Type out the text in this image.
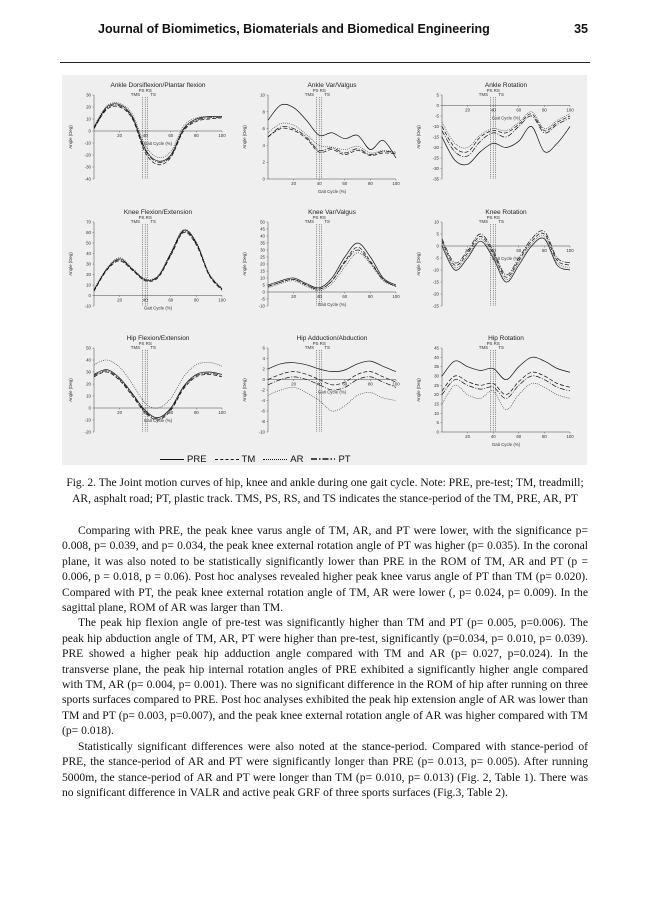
Journal of Biomimetics, Biomaterials and Biomedical Engineering	35
Ankle Dorsiflexion/Plantar flexion
30
20
10
0
-10
-20
-30
-40
20	40	60	80	100
TMS
PS RS
TS
Angle (Deg)	Gait Cycle (%)
Ankle Var/Valgus
10
8
6
4
2
0
20	40	60	80	100
TMS
PS RS
TS
Angle (Deg)
Gait Cycle (%)
Ankle Rotation
5
0
-5
-10
-15
-20
-25
-30
-35
20	40	60	80	100
TMS
PS RS
TS
Angle (Deg)
Gait Cycle (%)
Knee Flexion/Extension
70
60
50
40
30
20
10
0
-10
20	40	60	80	100
TMS
PS RS
TS
Angle (Deg)
Gait Cycle (%)
Knee Var/Valgus
50
45
40
35
30
25
20
15
10
5
0
-5
-10
20	40	60	80	100
TMS
PS RS
TS
Angle (Deg)
Gait Cycle (%)
Knee Rotation
10
5
0
-5
-10
-15
-20
-25
20	40	60	80	100
TMS
PS RS
TS
Angle (Deg)	Gait Cycle (%)
Hip Flexion/Extension
50
40
30
20
10
0
-10
-20
20	40	60	80	100
TMS
PS RS
TS
Angle (Deg)
Gait Cycle (%)
Hip Adduction/Abduction
6
4
2
0
-2
-4
-6
-8
-10
20	40	60	80	100
TMS
PS RS
TS
Angle (Deg)	Gait Cycle (%)
Hip Rotation
45
40
35
30
25
20
15
10
5
0
20	40	60	80	100
TMS
PS RS
TS
Angle (Deg)
Gait Cycle (%)
PRE	TM	AR	PT
Fig. 2. The Joint motion curves of hip, knee and ankle during one gait cycle. Note: PRE, pre-test; TM, treadmill; AR, asphalt road; PT, plastic track. TMS, PS, RS, and TS indicates the stance-period of the TM, PRE, AR, PT

Comparing with PRE, the peak knee varus angle of TM, AR, and PT were lower, with the significance p= 0.008, p= 0.039, and p= 0.034, the peak knee external rotation angle of PT was higher (p= 0.035). In the coronal plane, it was also noted to be statistically significantly lower than PRE in the ROM of TM, AR and PT (p = 0.006, p = 0.018, p = 0.06). Post hoc analyses revealed higher peak knee varus angle of PT than TM (p= 0.020). Compared with PT, the peak knee external rotation angle of TM, AR were lower (, p= 0.024, p= 0.009). In the sagittal plane, ROM of AR was larger than TM.

The peak hip flexion angle of pre-test was significantly higher than TM and PT (p= 0.005, p=0.006). The peak hip abduction angle of TM, AR, PT were higher than pre-test, significantly (p=0.034, p= 0.010, p= 0.039). PRE showed a higher peak hip adduction angle compared with TM and AR (p= 0.027, p=0.024). In the transverse plane, the peak hip internal rotation angles of PRE exhibited a significantly higher angle compared with TM, AR (p= 0.004, p= 0.001). There was no significant difference in the ROM of hip after running on three sports surfaces compared to PRE. Post hoc analyses exhibited the peak hip extension angle of AR was lower than TM and PT (p= 0.003, p=0.007), and the peak knee external rotation angle of AR was higher compared with TM (p= 0.018).

Statistically significant differences were also noted at the stance-period. Compared with stance-period of PRE, the stance-period of AR and PT were significantly longer than PRE (p= 0.013, p= 0.005). After running 5000m, the stance-period of AR and PT were longer than TM (p= 0.010, p= 0.013) (Fig. 2, Table 1). There was no significant difference in VALR and active peak GRF of three sports surfaces (Fig.3, Table 2).
